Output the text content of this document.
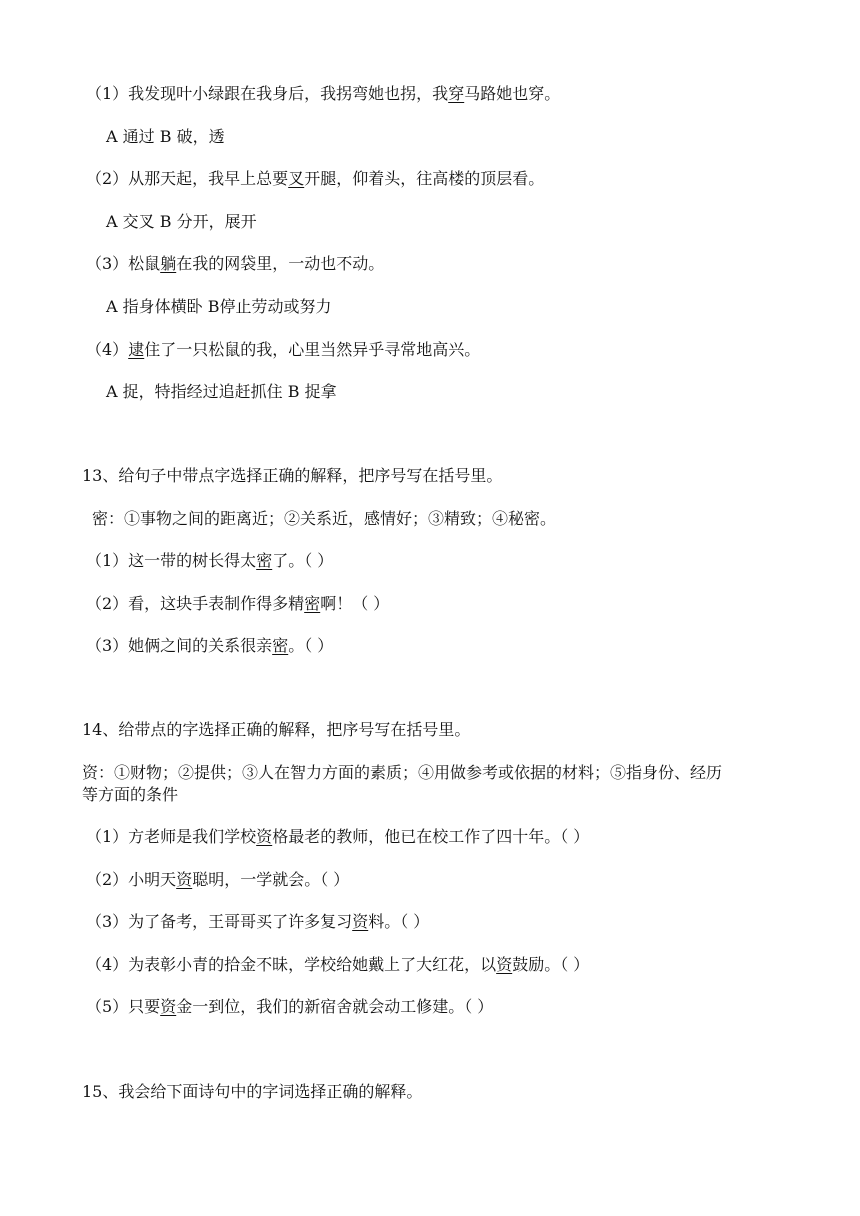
（1）我发现叶小绿跟在我身后，我拐弯她也拐，我穿马路她也穿。
A 通过 B 破，透
（2）从那天起，我早上总要叉开腿，仰着头，往高楼的顶层看。
A 交叉 B 分开，展开
（3）松鼠躺在我的网袋里，一动也不动。
A 指身体横卧 B停止劳动或努力
（4）逮住了一只松鼠的我，心里当然异乎寻常地高兴。
A 捉，特指经过追赶抓住 B 捉拿
13、给句子中带点字选择正确的解释，把序号写在括号里。
密：①事物之间的距离近；②关系近，感情好；③精致；④秘密。
（1）这一带的树长得太密了。（ ）
（2）看，这块手表制作得多精密啊！（ ）
（3）她俩之间的关系很亲密。（ ）
14、给带点的字选择正确的解释，把序号写在括号里。
资：①财物；②提供；③人在智力方面的素质；④用做参考或依据的材料；⑤指身份、经历
等方面的条件
（1）方老师是我们学校资格最老的教师，他已在校工作了四十年。（ ）
（2）小明天资聪明，一学就会。（ ）
（3）为了备考，王哥哥买了许多复习资料。（ ）
（4）为表彰小青的拾金不昧，学校给她戴上了大红花，以资鼓励。（ ）
（5）只要资金一到位，我们的新宿舍就会动工修建。（ ）
15、我会给下面诗句中的字词选择正确的解释。
